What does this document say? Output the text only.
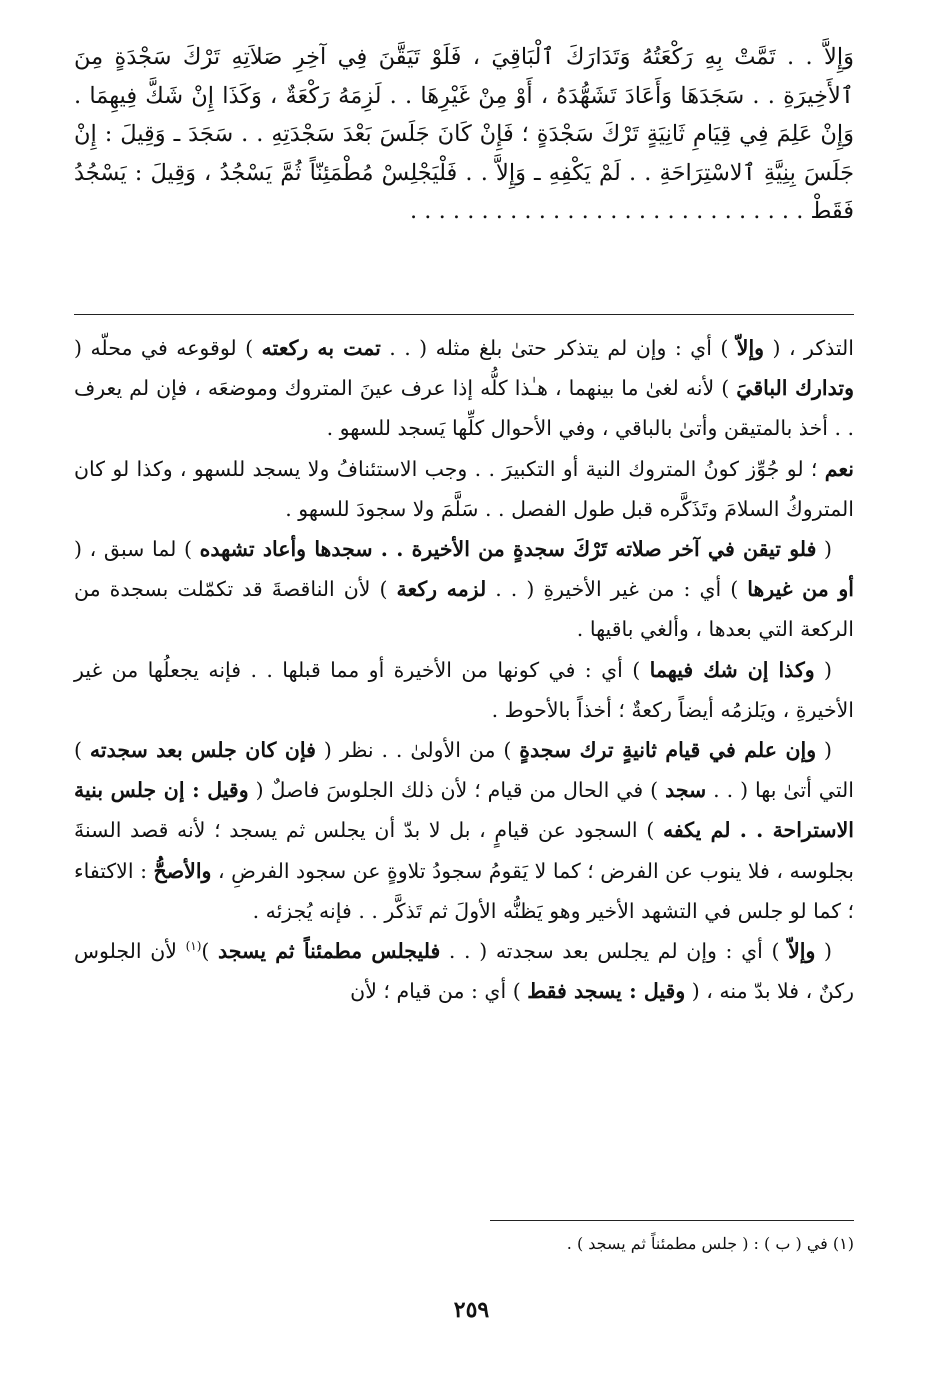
وَإِلاَّ . . تَمَّتْ بِهِ رَكْعَتُهُ وَتَدَارَكَ ٱلْبَاقِيَ ، فَلَوْ تَيَقَّنَ فِي آخِرِ صَلاَتِهِ تَرْكَ سَجْدَةٍ مِنَ ٱلأَخِيرَةِ . . سَجَدَهَا وَأَعَادَ تَشَهُّدَهُ ، أَوْ مِنْ غَيْرِهَا . . لَزِمَهُ رَكْعَةٌ ، وَكَذَا إِنْ شَكَّ فِيهِمَا . وَإِنْ عَلِمَ فِي قِيَامِ ثَانِيَةٍ تَرْكَ سَجْدَةٍ ؛ فَإِنْ كَانَ جَلَسَ بَعْدَ سَجْدَتِهِ . . سَجَدَ ـ وَقِيلَ : إِنْ جَلَسَ بِنِيَّةِ ٱلاسْتِرَاحَةِ . . لَمْ يَكْفِهِ ـ وَإِلاَّ . . فَلْيَجْلِسْ مُطْمَئِنّاً ثُمَّ يَسْجُدُ ، وَقِيلَ : يَسْجُدُ فَقَطْ . . . . . . . . . . . . . . . . . . . . . . . . . . . .

التذكر ، ( وإلاّ ) أي : وإن لم يتذكر حتىٰ بلغ مثله ( . . تمت به ركعته ) لوقوعه في محلّه ( وتدارك الباقيَ ) لأنه لغىٰ ما بينهما ، هـٰذا كلُّه إذا عرف عينَ المتروك وموضعَه ، فإن لم يعرف . . أخذ بالمتيقن وأتىٰ بالباقي ، وفي الأحوال كلِّها يَسجد للسهو .

نعم ؛ لو جُوِّز كونُ المتروك النية أو التكبيرَ . . وجب الاستئنافُ ولا يسجد للسهو ، وكذا لو كان المتروكُ السلامَ وتَذَكَّره قبل طول الفصل . . سَلَّمَ ولا سجودَ للسهو .

( فلو تيقن في آخر صلاته تَرْكَ سجدةٍ من الأخيرة . . سجدها وأعاد تشهده ) لما سبق ، ( أو من غيرها ) أي : من غير الأخيرةِ ( . . لزمه ركعة ) لأن الناقصةَ قد تكمّلت بسجدة من الركعة التي بعدها ، وألغي باقيها .

( وكذا إن شك فيهما ) أي : في كونها من الأخيرة أو مما قبلها . . فإنه يجعلُها من غير الأخيرةِ ، ويَلزمُه أيضاً ركعةٌ ؛ أخذاً بالأحوط .

( وإن علم في قيام ثانيةٍ ترك سجدةٍ ) من الأولىٰ . . نظر ( فإن كان جلس بعد سجدته ) التي أتىٰ بها ( . . سجد ) في الحال من قيام ؛ لأن ذلك الجلوسَ فاصلٌ ( وقيل : إن جلس بنية الاستراحة . . لم يكفه ) السجود عن قيامٍ ، بل لا بدّ أن يجلس ثم يسجد ؛ لأنه قصد السنةَ بجلوسه ، فلا ينوب عن الفرض ؛ كما لا يَقومُ سجودُ تلاوةٍ عن سجود الفرضِ ، والأصحُّ : الاكتفاء ؛ كما لو جلس في التشهد الأخير وهو يَظنُّه الأولَ ثم تَذكَّر . . فإنه يُجزئه .

( وإلاّ ) أي : وإن لم يجلس بعد سجدته ( . . فليجلس مطمئناً ثم يسجد )$^{(١)}$ لأن الجلوس ركنٌ ، فلا بدّ منه ، ( وقيل : يسجد فقط ) أي : من قيام ؛ لأن

(١) في ( ب ) : ( جلس مطمئناً ثم يسجد ) .
٢٥٩
